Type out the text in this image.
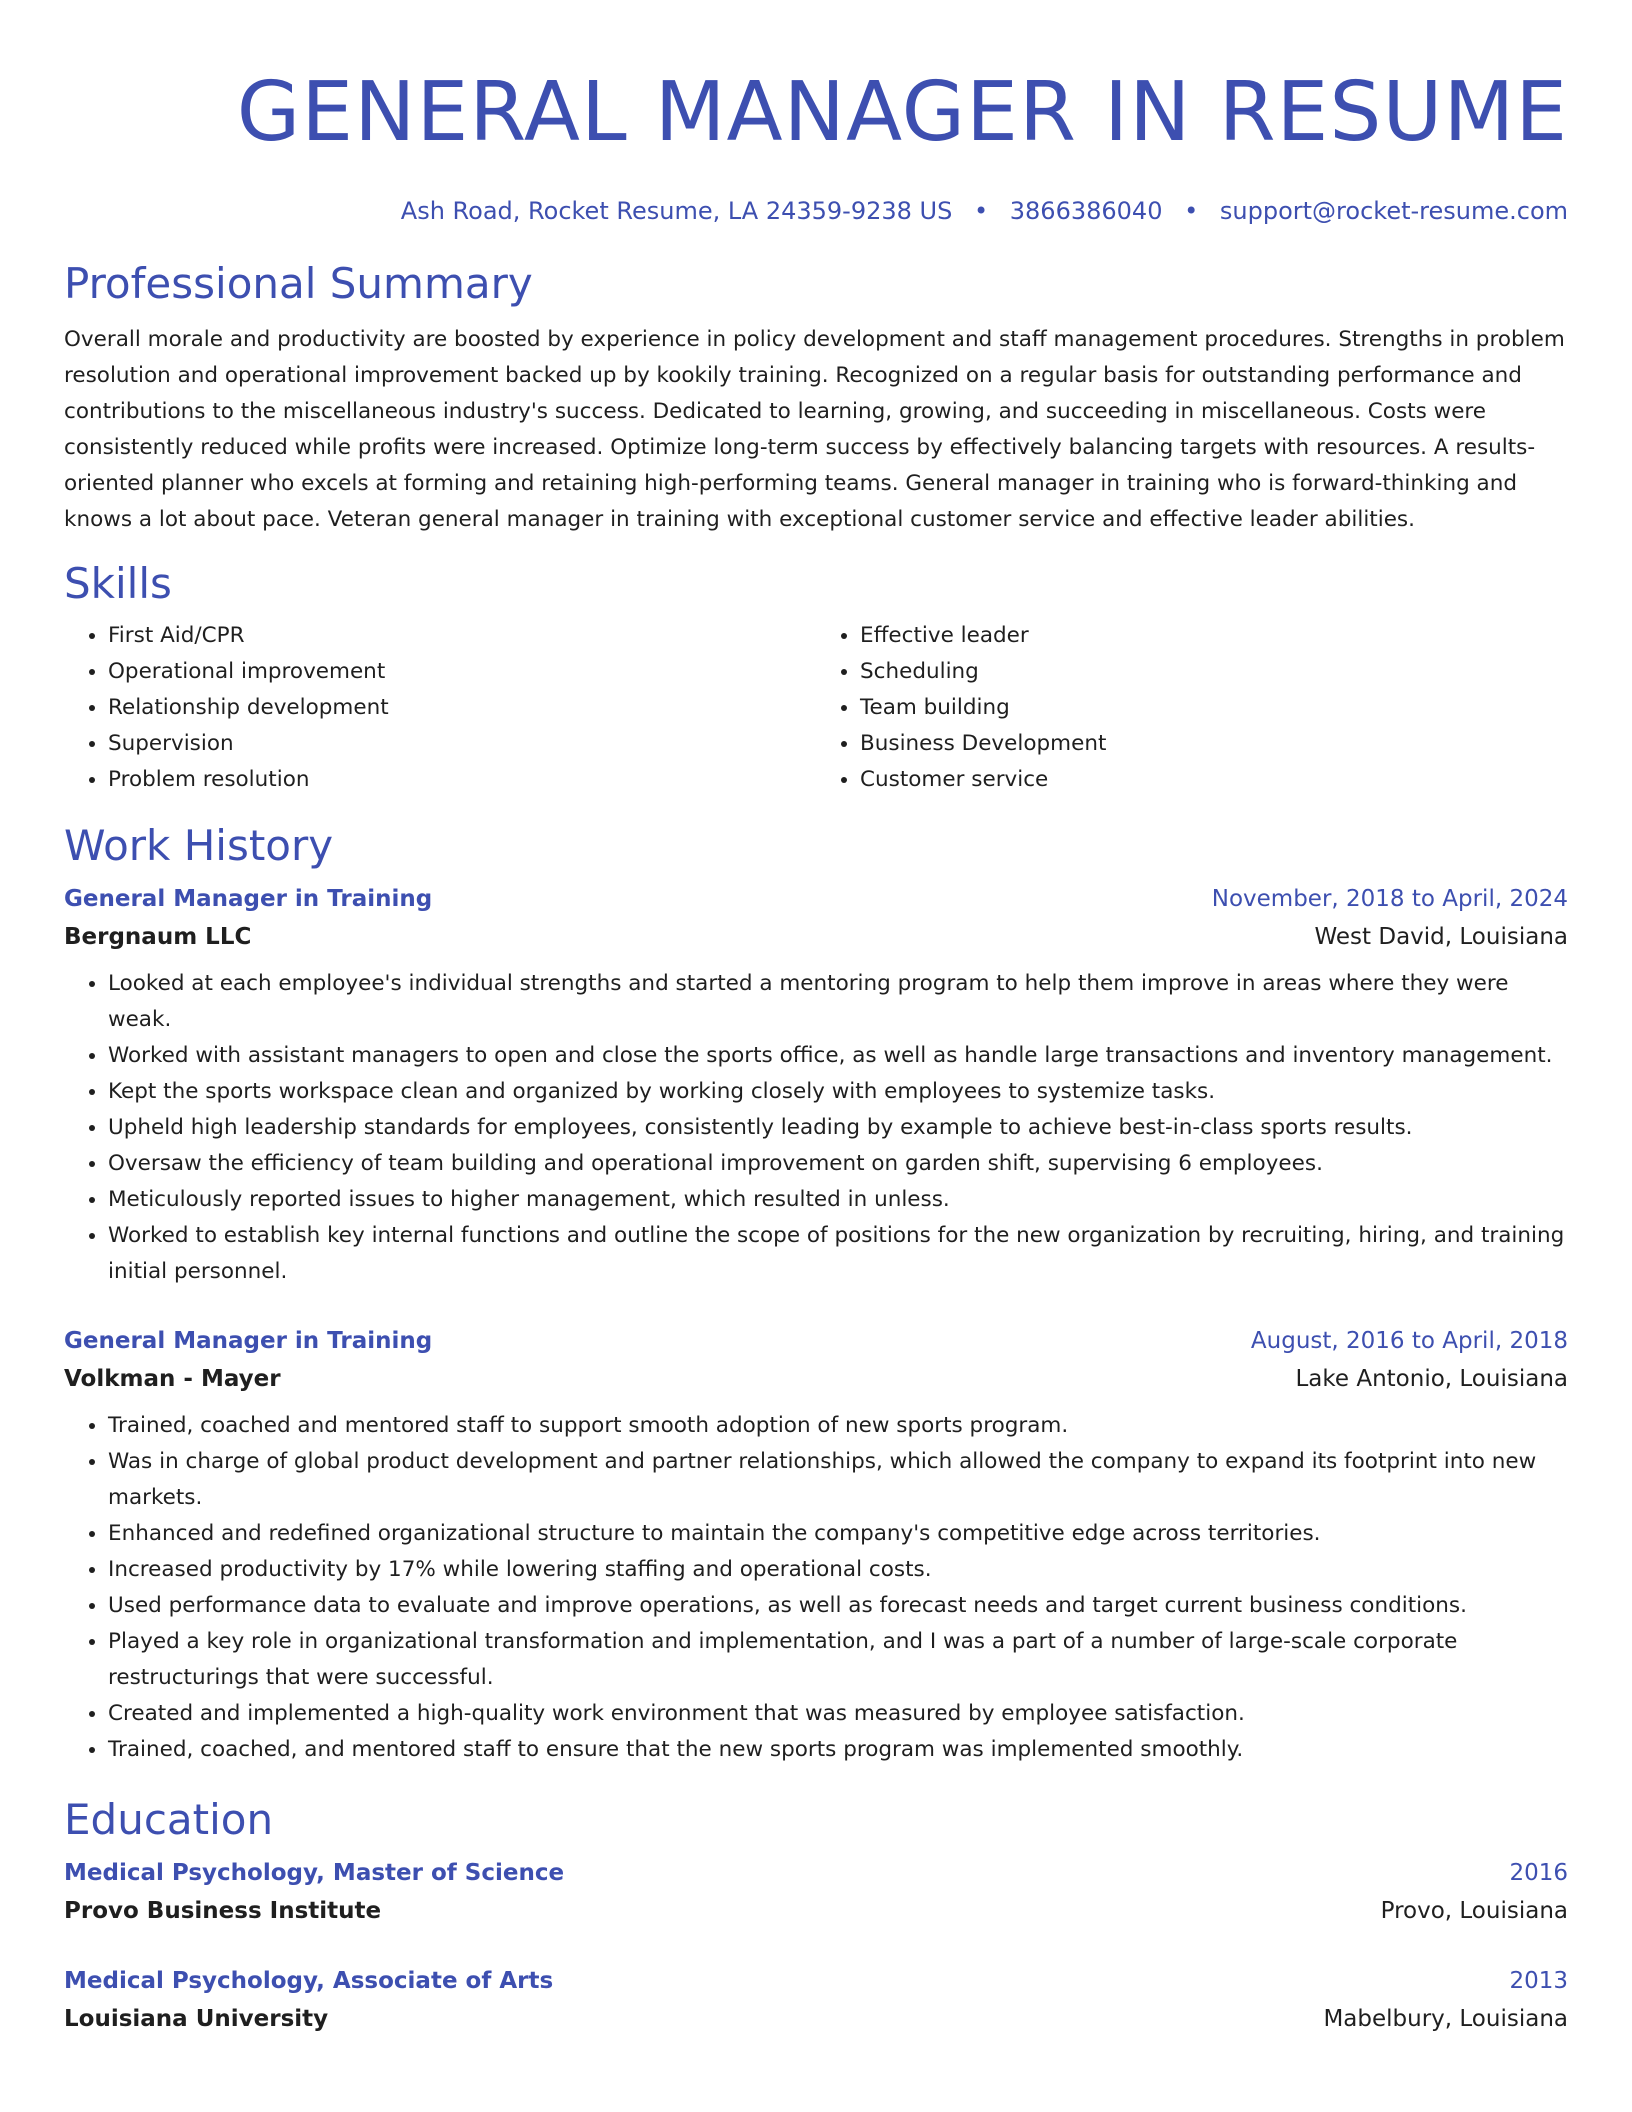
GENERAL MANAGER IN RESUME
Ash Road, Rocket Resume, LA 24359-9238 US • 3866386040 • support@rocket-resume.com
Professional Summary

Overall morale and productivity are boosted by experience in policy development and staff management procedures. Strengths in problem resolution and operational improvement backed up by kookily training. Recognized on a regular basis for outstanding performance and contributions to the miscellaneous industry's success. Dedicated to learning, growing, and succeeding in miscellaneous. Costs were consistently reduced while profits were increased. Optimize long-term success by effectively balancing targets with resources. A results-oriented planner who excels at forming and retaining high-performing teams. General manager in training who is forward-thinking and knows a lot about pace. Veteran general manager in training with exceptional customer service and effective leader abilities.

Skills
• First Aid/CPR
• Operational improvement
• Relationship development
• Supervision
• Problem resolution
• Effective leader
• Scheduling
• Team building
• Business Development
• Customer service
Work History
General Manager in Training	November, 2018 to April, 2024
Bergnaum LLC	West David, Louisiana
• Looked at each employee's individual strengths and started a mentoring program to help them improve in areas where they were weak.
• Worked with assistant managers to open and close the sports office, as well as handle large transactions and inventory management.
• Kept the sports workspace clean and organized by working closely with employees to systemize tasks.
• Upheld high leadership standards for employees, consistently leading by example to achieve best-in-class sports results.
• Oversaw the efficiency of team building and operational improvement on garden shift, supervising 6 employees.
• Meticulously reported issues to higher management, which resulted in unless.
• Worked to establish key internal functions and outline the scope of positions for the new organization by recruiting, hiring, and training initial personnel.
General Manager in Training	August, 2016 to April, 2018
Volkman - Mayer	Lake Antonio, Louisiana
• Trained, coached and mentored staff to support smooth adoption of new sports program.
• Was in charge of global product development and partner relationships, which allowed the company to expand its footprint into new markets.
• Enhanced and redefined organizational structure to maintain the company's competitive edge across territories.
• Increased productivity by 17% while lowering staffing and operational costs.
• Used performance data to evaluate and improve operations, as well as forecast needs and target current business conditions.
• Played a key role in organizational transformation and implementation, and I was a part of a number of large-scale corporate restructurings that were successful.
• Created and implemented a high-quality work environment that was measured by employee satisfaction.
• Trained, coached, and mentored staff to ensure that the new sports program was implemented smoothly.
Education
Medical Psychology, Master of Science	2016
Provo Business Institute	Provo, Louisiana
Medical Psychology, Associate of Arts	2013
Louisiana University	Mabelbury, Louisiana
